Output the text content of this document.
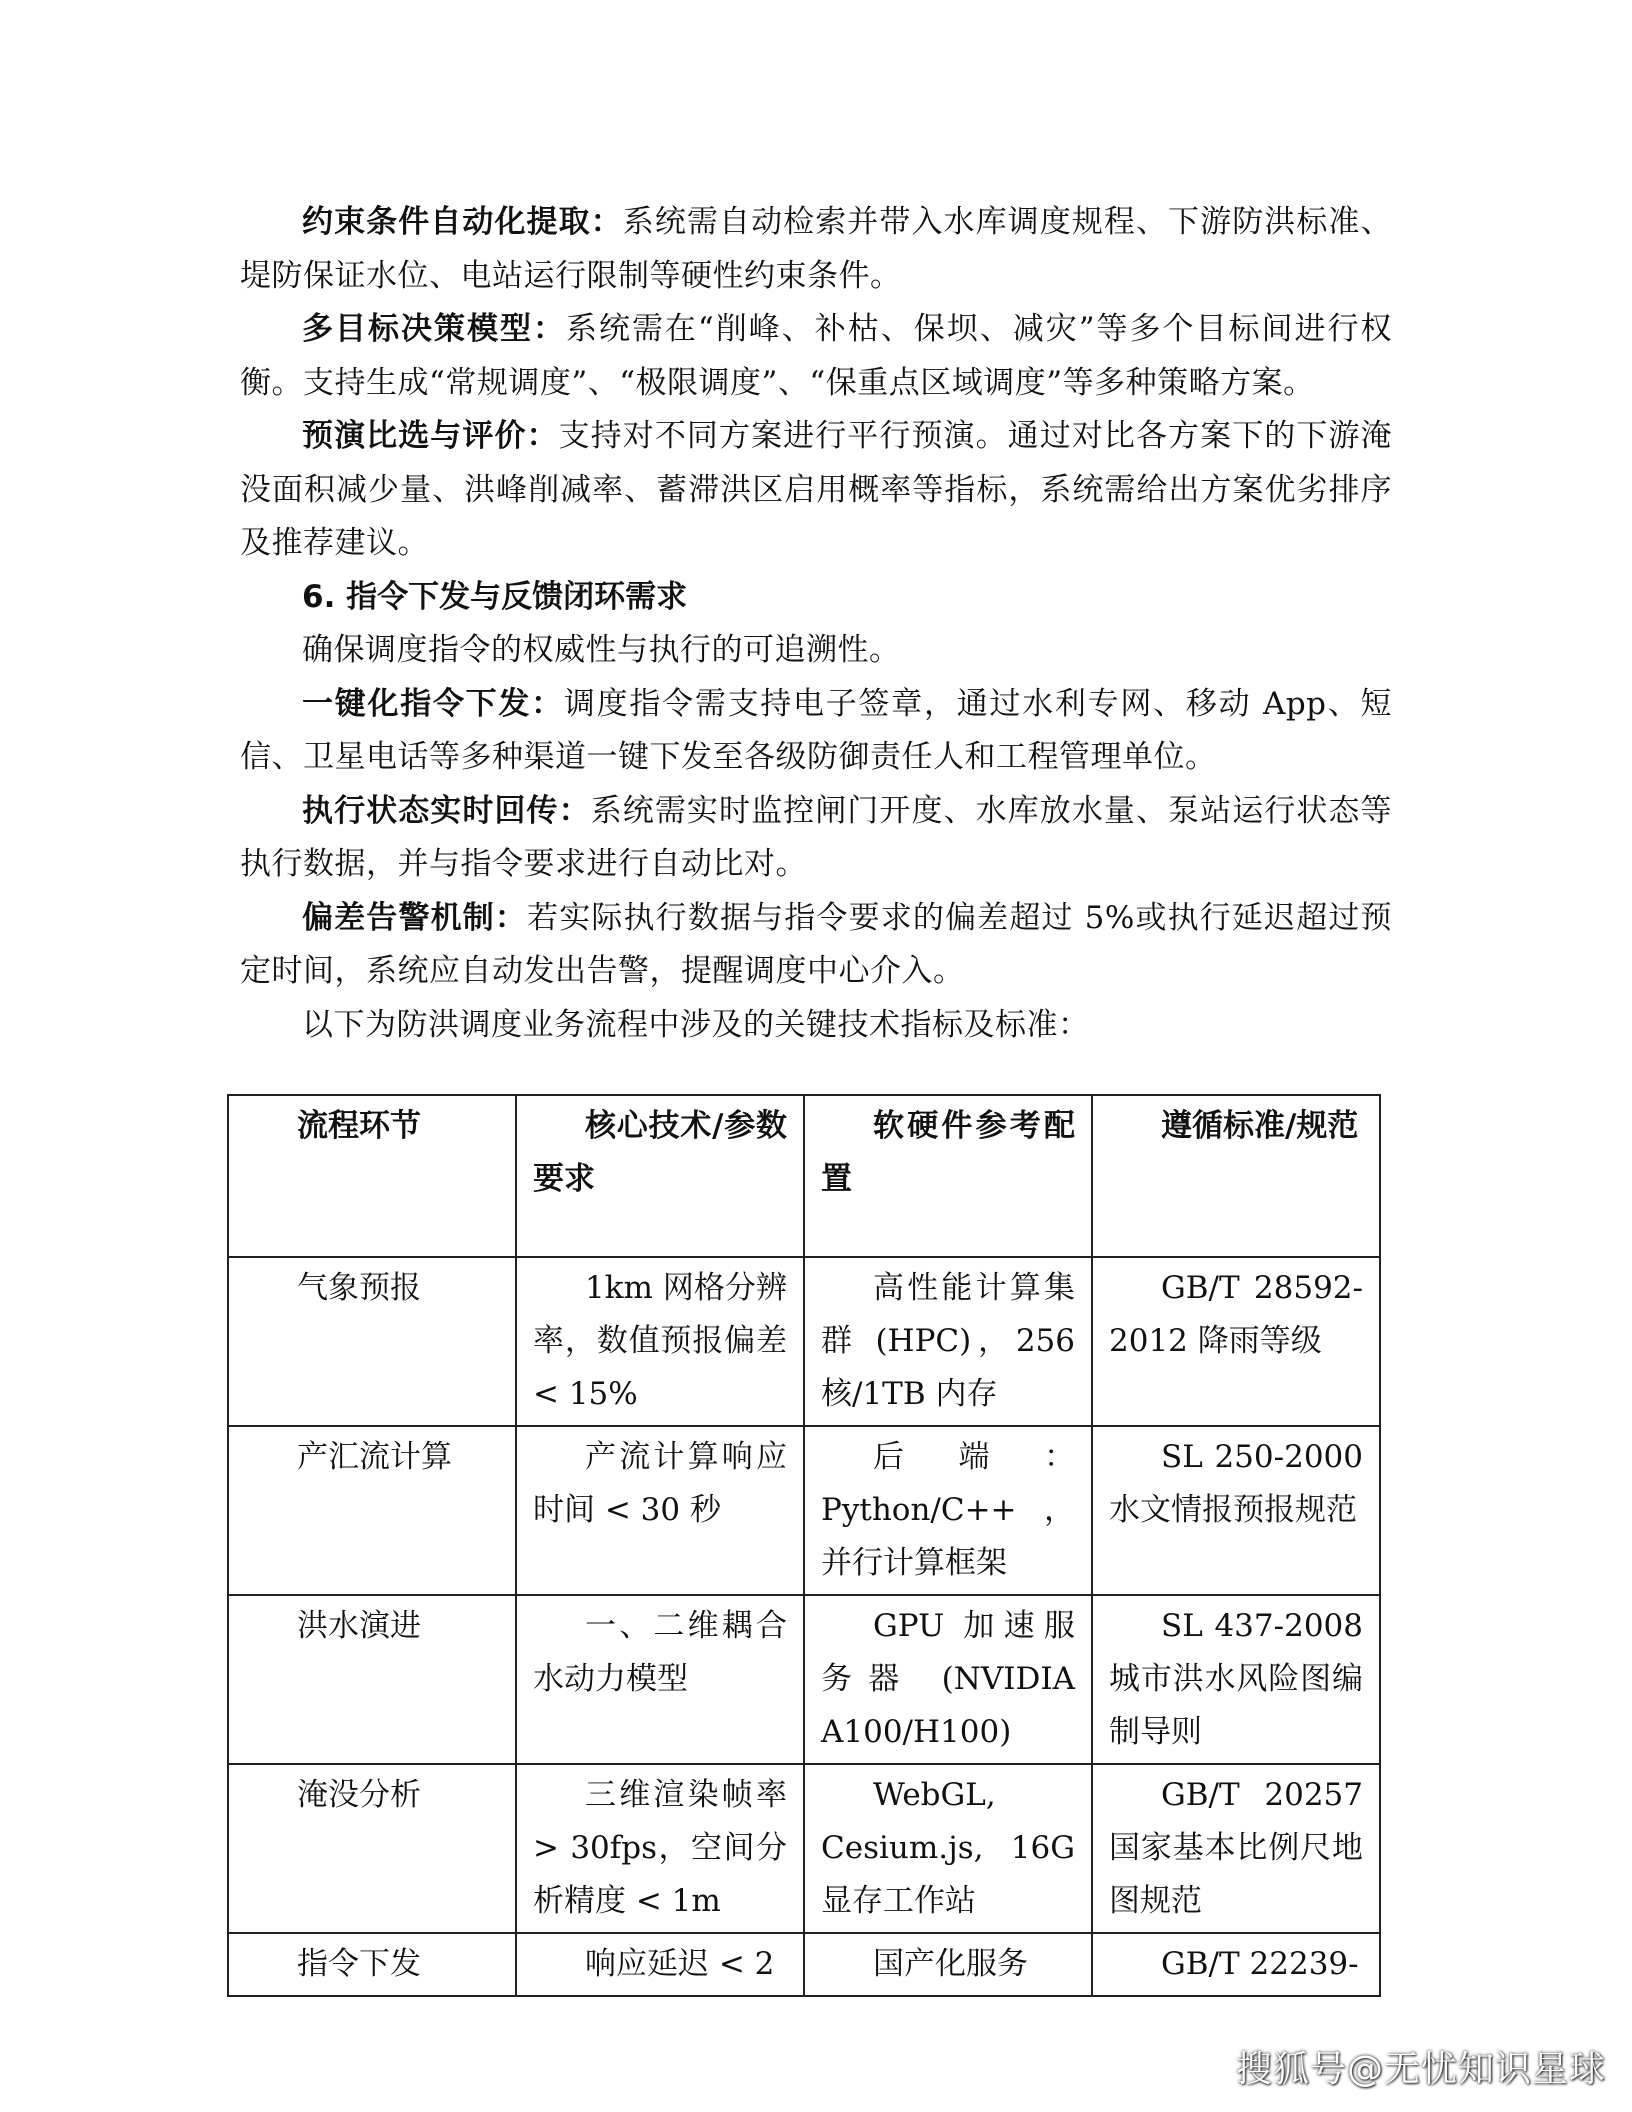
约束条件自动化提取：系统需自动检索并带入水库调度规程、下游防洪标准、堤防保证水位、电站运行限制等硬性约束条件。

多目标决策模型：系统需在“削峰、补枯、保坝、减灾”等多个目标间进行权衡。支持生成“常规调度”、“极限调度”、“保重点区域调度”等多种策略方案。

预演比选与评价：支持对不同方案进行平行预演。通过对比各方案下的下游淹没面积减少量、洪峰削减率、蓄滞洪区启用概率等指标，系统需给出方案优劣排序及推荐建议。

6. 指令下发与反馈闭环需求

确保调度指令的权威性与执行的可追溯性。

一键化指令下发：调度指令需支持电子签章，通过水利专网、移动 App、短信、卫星电话等多种渠道一键下发至各级防御责任人和工程管理单位。

执行状态实时回传：系统需实时监控闸门开度、水库放水量、泵站运行状态等执行数据，并与指令要求进行自动比对。

偏差告警机制：若实际执行数据与指令要求的偏差超过 5%或执行延迟超过预定时间，系统应自动发出告警，提醒调度中心介入。

以下为防洪调度业务流程中涉及的关键技术指标及标准：

流程环节	核心技术/参数要求	软硬件参考配置	遵循标准/规范
气象预报	1km 网格分辨率，数值预报偏差 < 15%	高性能计算集群 (HPC)，256 核/1TB 内存	GB/T 28592-2012 降雨等级
产汇流计算	产流计算响应时间 < 30 秒	后端：Python/C++，并行计算框架	SL 250-2000 水文情报预报规范
洪水演进	一、二维耦合水动力模型	GPU 加速服务器 (NVIDIA A100/H100)	SL 437-2008 城市洪水风险图编制导则
淹没分析	三维渲染帧率 > 30fps，空间分析精度 < 1m	WebGL, Cesium.js, 16G 显存工作站	GB/T 20257 国家基本比例尺地图规范
指令下发	响应延迟 < 2	国产化服务	GB/T 22239-
搜狐号@无忧知识星球
